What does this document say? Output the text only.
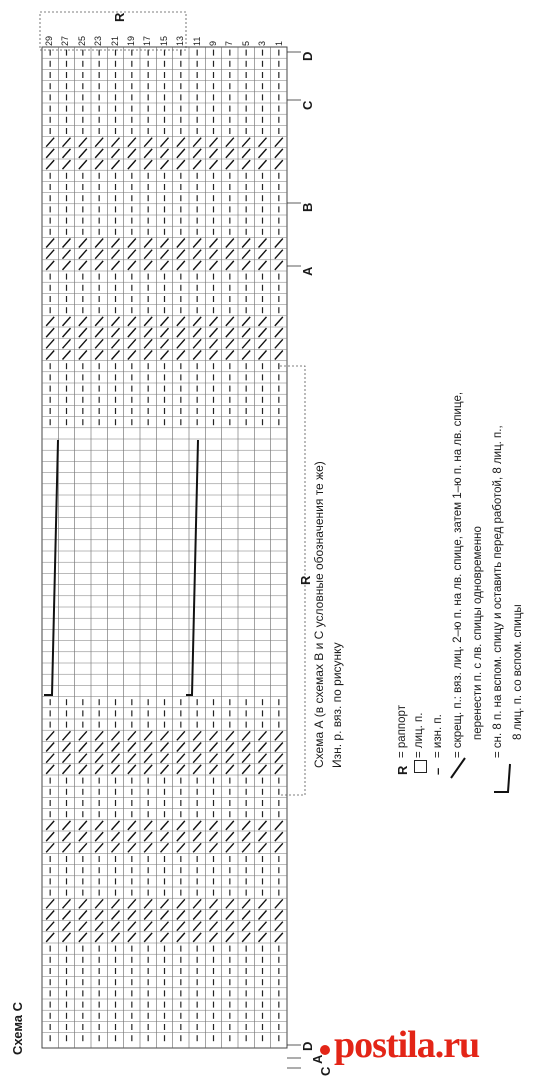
Схема С
Схема А (в схемах В и С условные обозначения те же) Изн. р. вяз. по рисунку
R
= раппорт = лиц. п.
–
= изн. п. = скрещ. п.: вяз. лиц. 2–ю п. на лв. спице, затем 1–ю п. на лв. спице, перенести п. с лв. спицы одновременно = сн. 8 п. на вспом. спицу и оставить перед работой, 8 лиц. п., 8 лиц. п. со вспом. спицы
29 27 25 23 21 19 17 15 13 11 9 7 5 3 1
postila.ru
R
R
D
C
B
A
D
A
C
